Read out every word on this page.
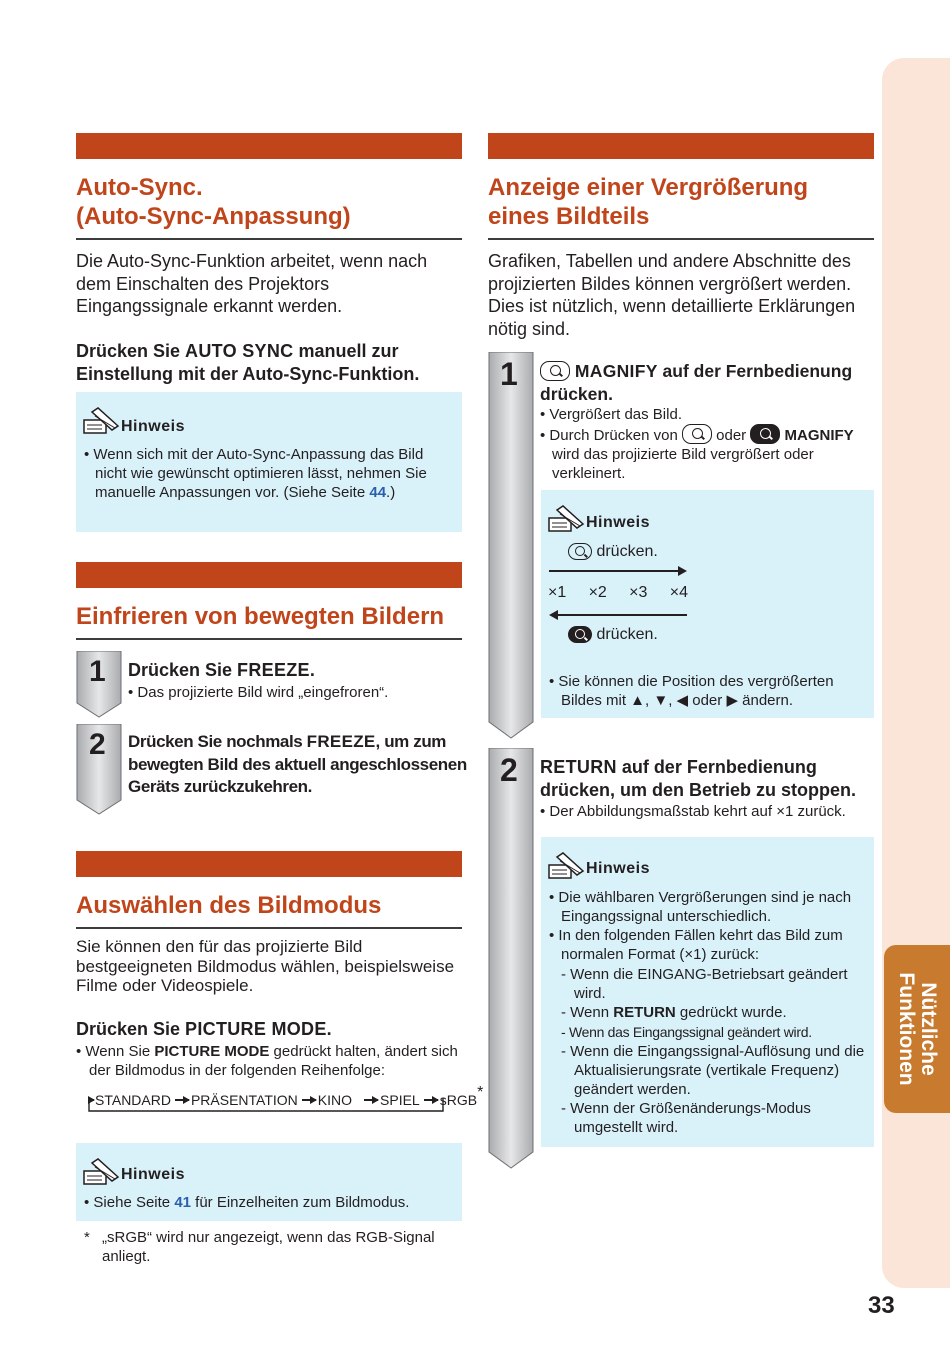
Nützliche Funktionen
33
Auto-Sync.
(Auto-Sync-Anpassung)
Die Auto-Sync-Funktion arbeitet, wenn nach dem Einschalten des Projektors Eingangssignale erkannt werden.
Drücken Sie AUTO SYNC manuell zur Einstellung mit der Auto-Sync-Funktion.
Hinweis
• Wenn sich mit der Auto-Sync-Anpassung das Bild nicht wie gewünscht optimieren lässt, nehmen Sie manuelle Anpassungen vor. (Siehe Seite 44.)
Einfrieren von bewegten Bildern
1 Drücken Sie FREEZE.
• Das projizierte Bild wird „eingefroren“.
2 Drücken Sie nochmals FREEZE, um zum bewegten Bild des aktuell angeschlossenen Geräts zurückzukehren.
Auswählen des Bildmodus
Sie können den für das projizierte Bild bestgeeigneten Bildmodus wählen, beispielsweise Filme oder Videospiele.
Drücken Sie PICTURE MODE.
• Wenn Sie PICTURE MODE gedrückt halten, ändert sich der Bildmodus in der folgenden Reihenfolge:
STANDARD PRÄSENTATION KINO SPIEL sRGB *
Hinweis
• Siehe Seite 41 für Einzelheiten zum Bildmodus.
* „sRGB“ wird nur angezeigt, wenn das RGB-Signal anliegt.
Anzeige einer Vergrößerung
eines Bildteils
Grafiken, Tabellen und andere Abschnitte des projizierten Bildes können vergrößert werden. Dies ist nützlich, wenn detaillierte Erklärungen nötig sind.
1	MAGNIFY auf der Fernbedienung drücken.
• Vergrößert das Bild.
• Durch Drücken von
oder
MAGNIFY
wird das projizierte Bild vergrößert oder verkleinert.
Hinweis
drücken.
×1 ×2 ×3 ×4
drücken.
• Sie können die Position des vergrößerten Bildes mit ▲, ▼, ◀ oder ▶ ändern.
2 RETURN auf der Fernbedienung drücken, um den Betrieb zu stoppen.
• Der Abbildungsmaßstab kehrt auf ×1 zurück.
Hinweis
• Die wählbaren Vergrößerungen sind je nach Eingangssignal unterschiedlich.
• In den folgenden Fällen kehrt das Bild zum normalen Format (×1) zurück:
- Wenn die EINGANG-Betriebsart geändert wird.
- Wenn RETURN gedrückt wurde.
- Wenn das Eingangssignal geändert wird.
- Wenn die Eingangssignal-Auflösung und die Aktualisierungsrate (vertikale Frequenz) geändert werden.
- Wenn der Größenänderungs-Modus umgestellt wird.
